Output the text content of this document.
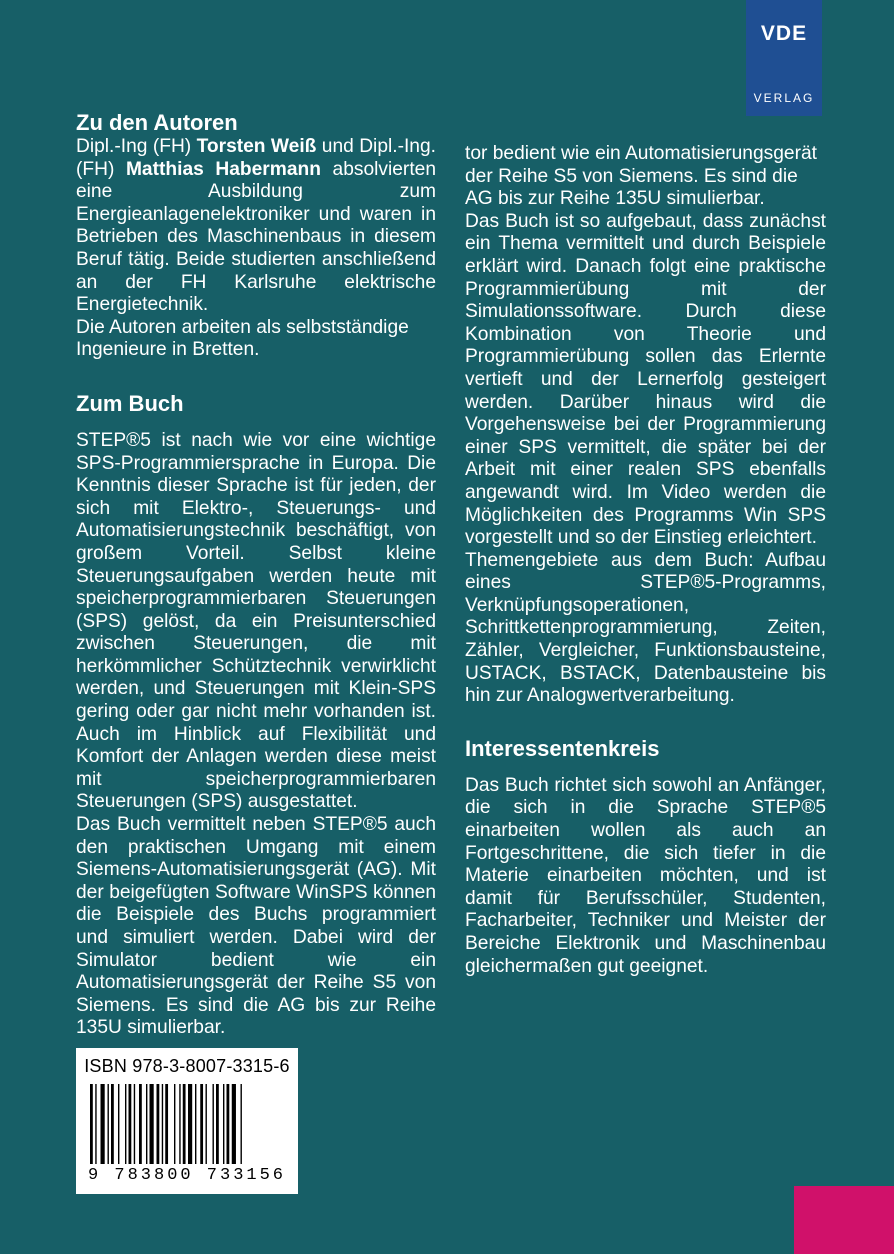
VDE
VERLAG
Zu den Autoren

Dipl.-Ing (FH) Torsten Weiß und Dipl.-Ing. (FH) Matthias Habermann absolvierten eine Ausbildung zum Energieanlagenelektroniker und waren in Betrieben des Maschinenbaus in diesem Beruf tätig. Beide studierten anschließend an der FH Karlsruhe elektrische Energietechnik.

Die Autoren arbeiten als selbstständige Ingenieure in Bretten.

Zum Buch

STEP®5 ist nach wie vor eine wichtige SPS-Programmiersprache in Europa. Die Kenntnis dieser Sprache ist für jeden, der sich mit Elektro-, Steuerungs- und Automatisierungstechnik beschäftigt, von großem Vorteil. Selbst kleine Steuerungsaufgaben werden heute mit speicherprogrammierbaren Steuerungen (SPS) gelöst, da ein Preisunterschied zwischen Steuerungen, die mit herkömmlicher Schütztechnik verwirklicht werden, und Steuerungen mit Klein-SPS gering oder gar nicht mehr vorhanden ist. Auch im Hinblick auf Flexibilität und Komfort der Anlagen werden diese meist mit speicherprogrammierbaren Steuerungen (SPS) ausgestattet.

Das Buch vermittelt neben STEP®5 auch den praktischen Umgang mit einem Siemens-Automatisierungsgerät (AG). Mit der beigefügten Software WinSPS können die Beispiele des Buchs programmiert und simuliert werden. Dabei wird der Simulator bedient wie ein Automatisierungsgerät der Reihe S5 von Siemens. Es sind die AG bis zur Reihe 135U simulierbar.

tor bedient wie ein Automatisierungsgerät der Reihe S5 von Siemens. Es sind die AG bis zur Reihe 135U simulierbar.

Das Buch ist so aufgebaut, dass zunächst ein Thema vermittelt und durch Beispiele erklärt wird. Danach folgt eine praktische Programmierübung mit der Simulationssoftware. Durch diese Kombination von Theorie und Programmierübung sollen das Erlernte vertieft und der Lernerfolg gesteigert werden. Darüber hinaus wird die Vorgehensweise bei der Programmierung einer SPS vermittelt, die später bei der Arbeit mit einer realen SPS ebenfalls angewandt wird. Im Video werden die Möglichkeiten des Programms Win SPS vorgestellt und so der Einstieg erleichtert.

Themengebiete aus dem Buch: Aufbau eines STEP®5-Programms, Verknüpfungsoperationen, Schrittkettenprogrammierung, Zeiten, Zähler, Vergleicher, Funktionsbausteine, USTACK, BSTACK, Datenbausteine bis hin zur Analogwertverarbeitung.

Interessentenkreis

Das Buch richtet sich sowohl an Anfänger, die sich in die Sprache STEP®5 einarbeiten wollen als auch an Fortgeschrittene, die sich tiefer in die Materie einarbeiten möchten, und ist damit für Berufsschüler, Studenten, Facharbeiter, Techniker und Meister der Bereiche Elektronik und Maschinenbau gleichermaßen gut geeignet.

ISBN 978-3-8007-3315-6
9 783800 733156
